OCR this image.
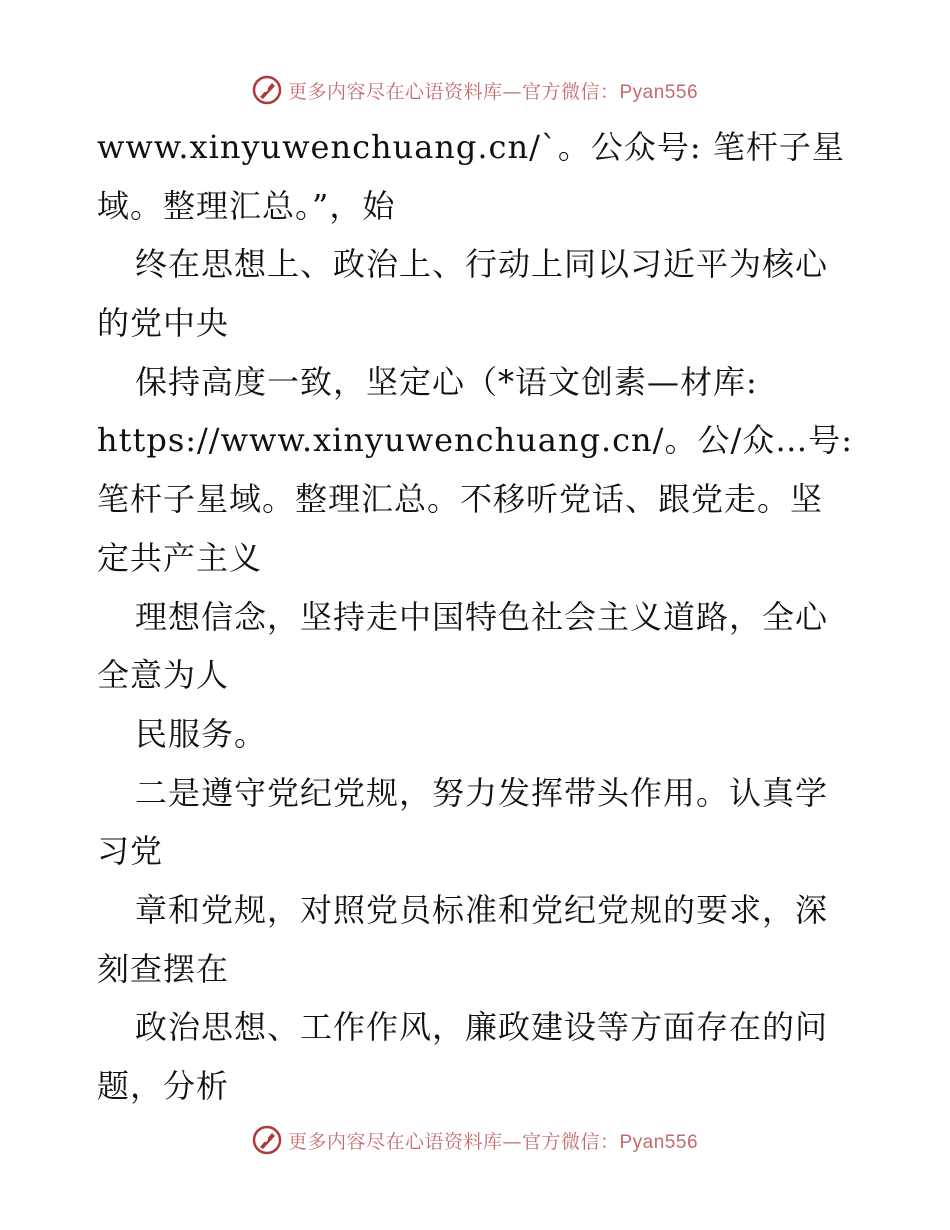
更多内容尽在心语资料库—官方微信：Pyan556
www.xinyuwenchuang.cn/`。公众号: 笔杆子星
域。整理汇总。”，始
终在思想上、政治上、行动上同以习近平为核心
的党中央
保持高度一致，坚定心（*语文创素—材库:
https://www.xinyuwenchuang.cn/。公/众…号:
笔杆子星域。整理汇总。不移听党话、跟党走。坚
定共产主义
理想信念，坚持走中国特色社会主义道路，全心
全意为人
民服务。
二是遵守党纪党规，努力发挥带头作用。认真学
习党
章和党规，对照党员标准和党纪党规的要求，深
刻查摆在
政治思想、工作作风，廉政建设等方面存在的问
题，分析
更多内容尽在心语资料库—官方微信：Pyan556
